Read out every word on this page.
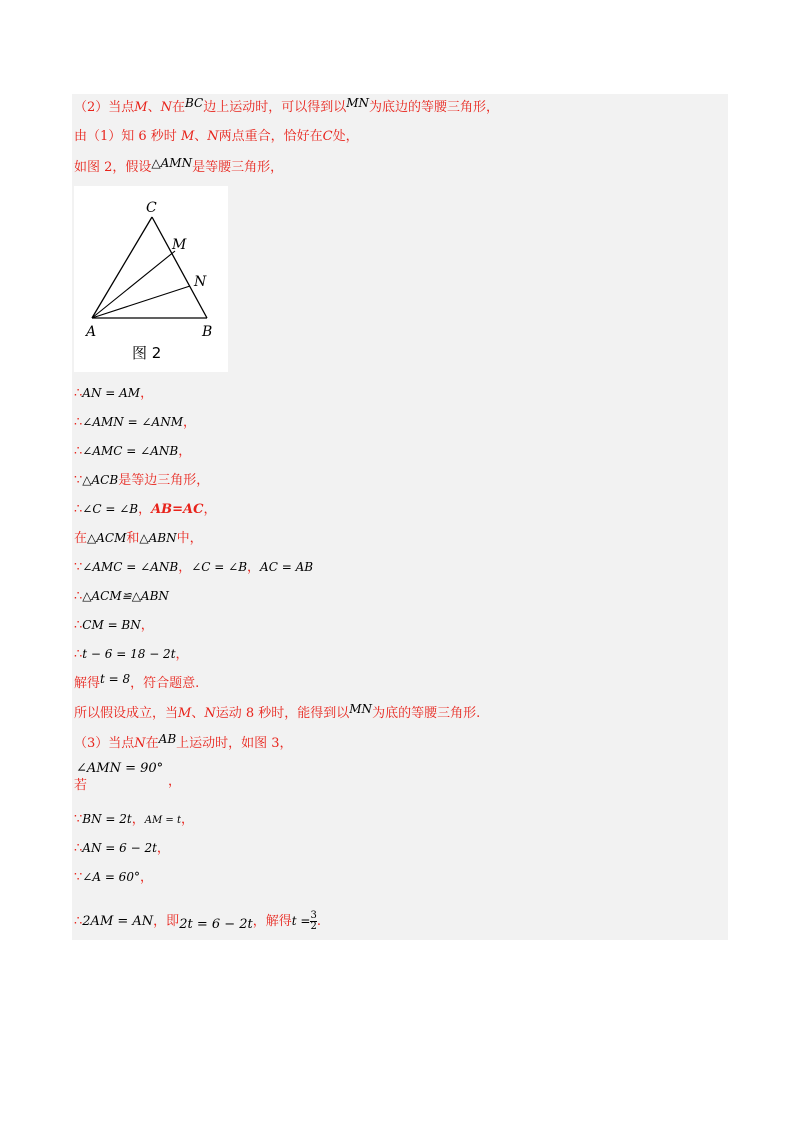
（2）当点M、N在BC边上运动时，可以得到以MN为底边的等腰三角形，
由（1）知 6 秒时 M、N两点重合，恰好在C处，
如图 2，假设△AMN是等腰三角形，
C
M
N
A	B
图 2
∴AN = AM，
∴∠AMN = ∠ANM，
∴∠AMC = ∠ANB，
∵△ACB是等边三角形，
∴∠C = ∠B，AB=AC，
在△ACM和△ABN中，
∵∠AMC = ∠ANB，∠C = ∠B，AC = AB
∴△ACM≌△ABN
∴CM = BN，
∴t − 6 = 18 − 2t，
解得t = 8，符合题意.
所以假设成立，当M、N运动 8 秒时，能得到以MN为底的等腰三角形.
（3）当点N在AB上运动时，如图 3，
∠AMN = 90°
若	，
∵BN = 2t，AM = t，
∴AN = 6 − 2t，
∵∠A = 60°，
∴2AM = AN，即2t = 6 − 2t，解得$t = \frac{3}{2}$ .
